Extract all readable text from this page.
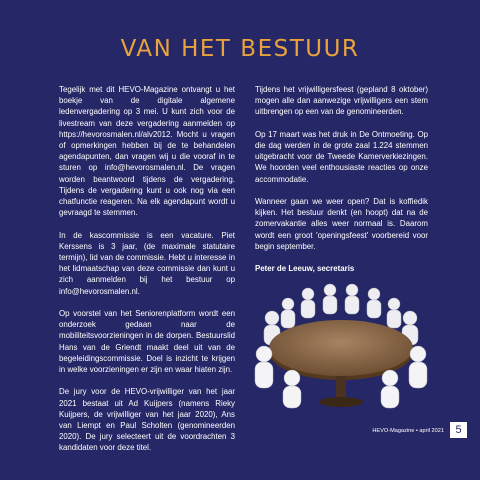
VAN HET BESTUUR

Tegelijk met dit HEVO-Magazine ontvangt u het boekje van de digitale algemene ledenvergadering op 3 mei. U kunt zich voor de livestream van deze vergadering aanmelden op https://hevorosmalen.nl/alv2012. Mocht u vragen of opmerkingen hebben bij de te behandelen agendapunten, dan vragen wij u die vooraf in te sturen op info@hevorosmalen.nl. De vragen worden beantwoord tijdens de vergadering. Tijdens de vergadering kunt u ook nog via een chatfunctie reageren. Na elk agendapunt wordt u gevraagd te stemmen.

In de kascommissie is een vacature. Piet Kerssens is 3 jaar, (de maximale statutaire termijn), lid van de commissie. Hebt u interesse in het lidmaatschap van deze commissie dan kunt u zich aanmelden bij het bestuur op info@hevorosmalen.nl.

Op voorstel van het Seniorenplatform wordt een onderzoek gedaan naar de mobiliteitsvoorzieningen in de dorpen. Bestuurslid Hans van de Griendt maakt deel uit van de begeleidingscommissie. Doel is inzicht te krijgen in welke voorzieningen er zijn en waar hiaten zijn.

De jury voor de HEVO-vrijwilliger van het jaar 2021 bestaat uit Ad Kuijpers (namens Rieky Kuijpers, de vrijwilliger van het jaar 2020), Ans van Liempt en Paul Scholten (genomineerden 2020). De jury selecteert uit de voordrachten 3 kandidaten voor deze titel.

Tijdens het vrijwilligersfeest (gepland 8 oktober) mogen alle dan aanwezige vrijwilligers een stem uitbrengen op een van de genomineerden.

Op 17 maart was het druk in De Ontmoeting. Op die dag werden in de grote zaal 1.224 stemmen uitgebracht voor de Tweede Kamerverkiezingen. We hoorden veel enthousiaste reacties op onze accommodatie.

Wanneer gaan we weer open? Dat is koffiedik kijken. Het bestuur denkt (en hoopt) dat na de zomervakantie alles weer normaal is. Daarom wordt een groot 'openingsfeest' voorbereid voor begin september.

Peter de Leeuw, secretaris

HEVO-Magazine • april 2021	5
